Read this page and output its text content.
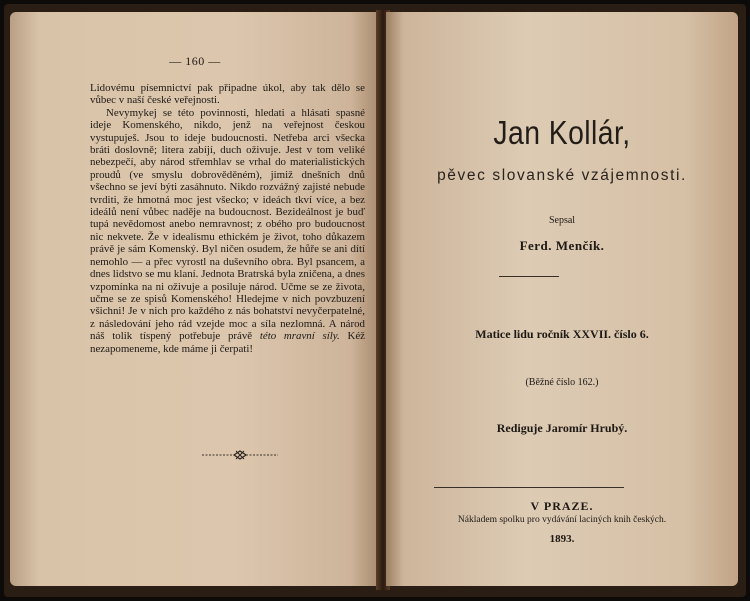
— 160 —

Lidovému písemnictví pak připadne úkol, aby tak dělo se vůbec v naší české veřejnosti.

Nevymykej se této povinnosti, hledati a hlásati spasné ideje Komenského, nikdo, jenž na veřejnost českou vystupuješ. Jsou to ideje budoucnosti. Netřeba arci všecka bráti doslovně; litera zabíjí, duch oživuje. Jest v tom veliké nebezpečí, aby národ střemhlav se vrhal do materialistických proudů (ve smyslu dobrověděném), jimiž dnešních dnů všechno se jeví býti zasáhnuto. Nikdo rozvážný zajisté nebude tvrditi, že hmotná moc jest všecko; v ideách tkví více, a bez ideálů není vůbec naděje na budoucnost. Bezideálnost je buď tupá nevědomost anebo nemravnost; z obého pro budoucnost nic nekvete. Že v idealismu ethickém je život, toho důkazem právě je sám Komenský. Byl ničen osudem, že hůře se ani dítí nemohlo — a přec vyrostl na duševního obra. Byl psancem, a dnes lidstvo se mu klaní. Jednota Bratrská byla zničena, a dnes vzpomínka na ni oživuje a posiluje národ. Učme se ze života, učme se ze spisů Komenského! Hledejme v nich povzbuzení všichni! Je v nich pro každého z nás bohatství nevyčerpatelné, z následování jeho rád vzejde moc a síla nezlomná. A národ náš tolik tíspený potřebuje právě této mravní síly. Kéž nezapomeneme, kde máme ji čerpati!

Jan Kollár,
pěvec slovanské vzájemnosti.
Sepsal
Ferd. Menčík.
Matice lidu ročník XXVII. číslo 6.
(Běžné číslo 162.)
Rediguje Jaromír Hrubý.
V PRAZE.
Nákladem spolku pro vydávání laciných knih českých.
1893.
